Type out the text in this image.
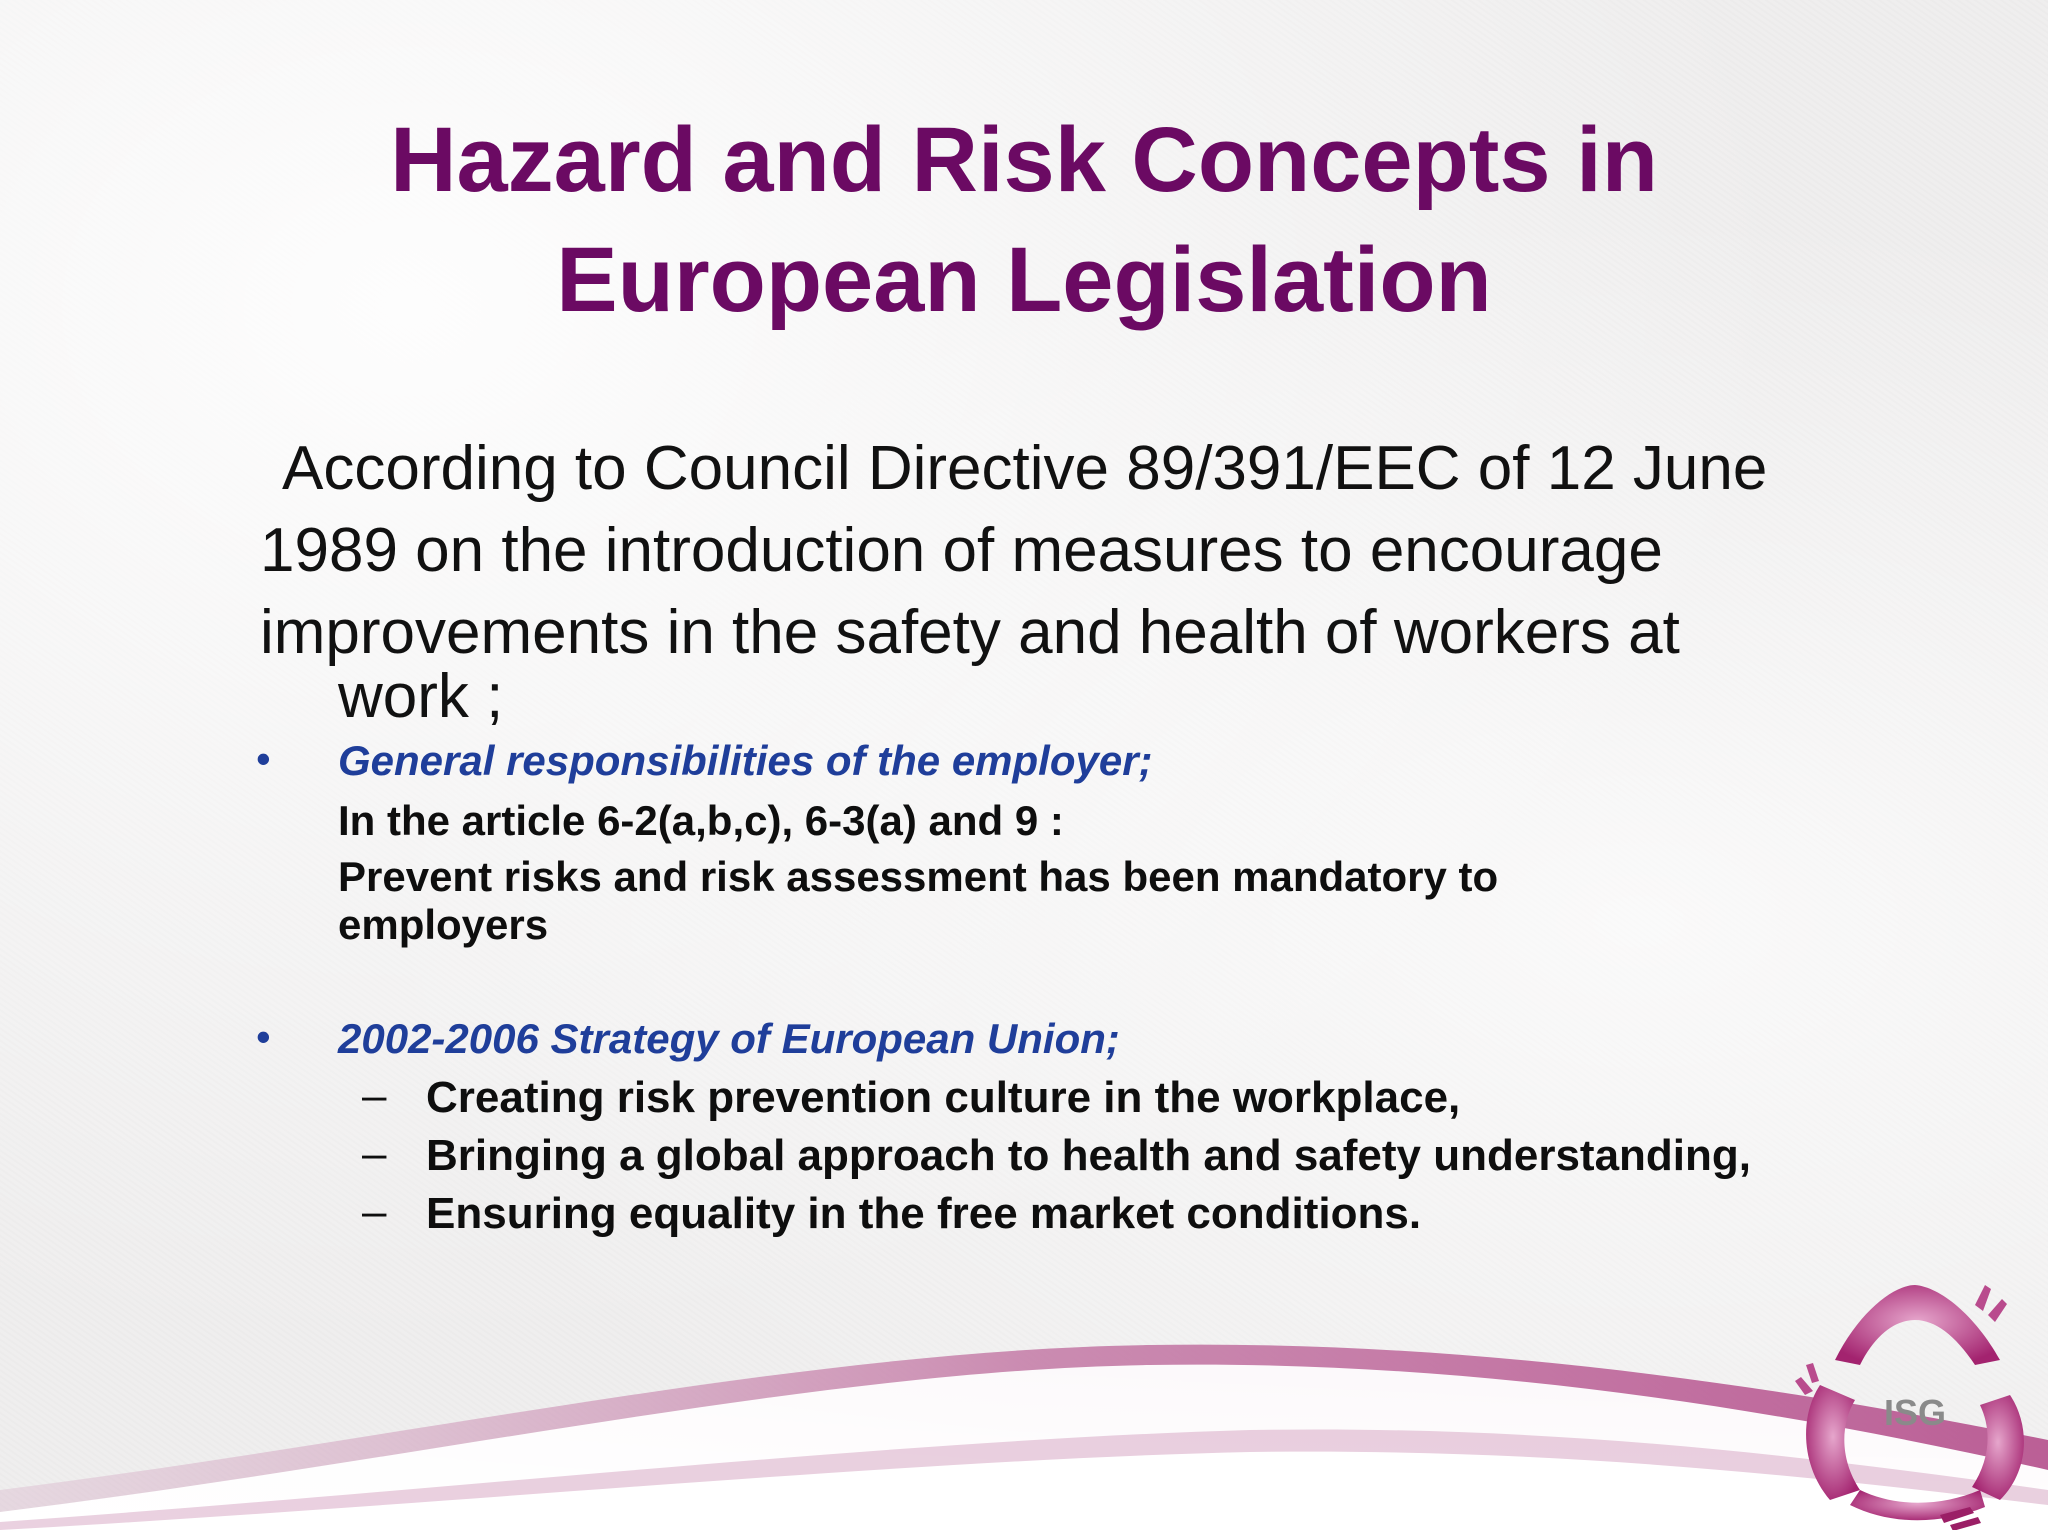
Hazard and Risk Concepts in
European Legislation
According to Council Directive 89/391/EEC of 12 June
1989 on the introduction of measures to encourage
improvements in the safety and health of workers at
work ;
• General responsibilities of the employer;
In the article 6-2(a,b,c), 6-3(a) and 9 :
Prevent risks and risk assessment has been mandatory to
employers
• 2002-2006 Strategy of European Union;
– Creating risk prevention culture in the workplace,
– Bringing a global approach to health and safety understanding,
– Ensuring equality in the free market conditions.
ISG
